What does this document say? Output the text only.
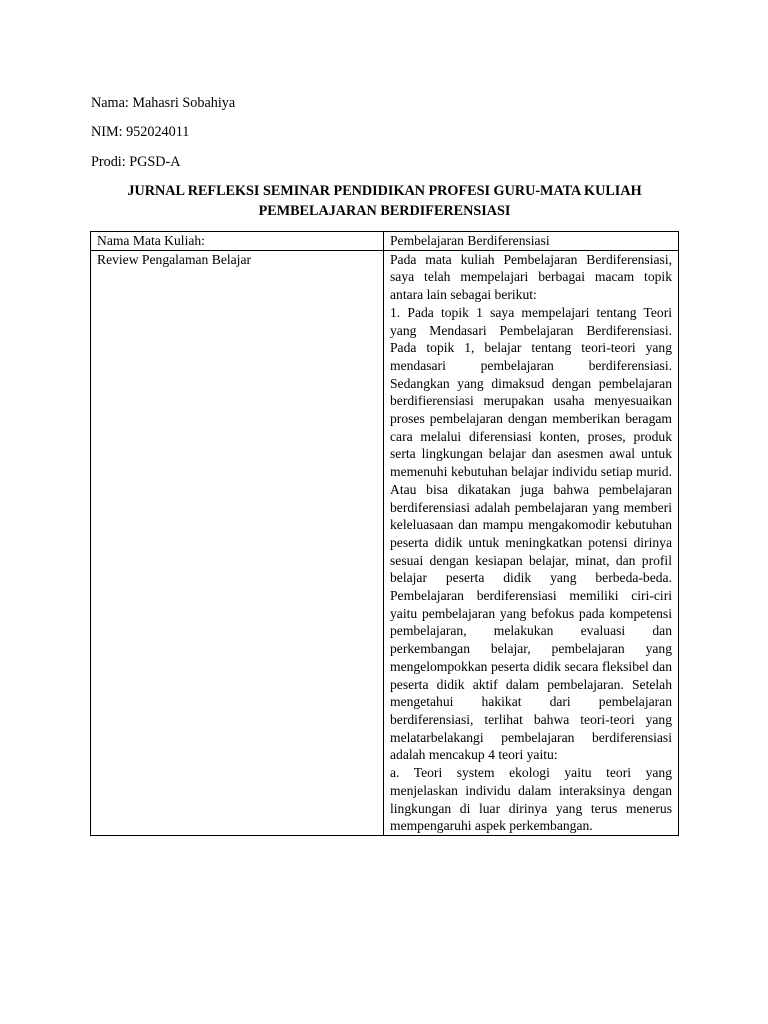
Nama: Mahasri Sobahiya
NIM: 952024011
Prodi: PGSD-A
JURNAL REFLEKSI SEMINAR PENDIDIKAN PROFESI GURU-MATA KULIAH
PEMBELAJARAN BERDIFERENSIASI
Nama Mata Kuliah:	Pembelajaran Berdiferensiasi
Review Pengalaman Belajar	Pada mata kuliah Pembelajaran Berdiferensiasi, saya telah mempelajari berbagai macam topik antara lain sebagai berikut:
1. Pada topik 1 saya mempelajari tentang Teori yang Mendasari Pembelajaran Berdiferensiasi. Pada topik 1, belajar tentang teori-teori yang mendasari pembelajaran berdiferensiasi. Sedangkan yang dimaksud dengan pembelajaran berdifierensiasi merupakan usaha menyesuaikan proses pembelajaran dengan memberikan beragam cara melalui diferensiasi konten, proses, produk serta lingkungan belajar dan asesmen awal untuk memenuhi kebutuhan belajar individu setiap murid. Atau bisa dikatakan juga bahwa pembelajaran berdiferensiasi adalah pembelajaran yang memberi keleluasaan dan mampu mengakomodir kebutuhan peserta didik untuk meningkatkan potensi dirinya sesuai dengan kesiapan belajar, minat, dan profil belajar peserta didik yang berbeda-beda. Pembelajaran berdiferensiasi memiliki ciri-ciri yaitu pembelajaran yang befokus pada kompetensi pembelajaran, melakukan evaluasi dan perkembangan belajar, pembelajaran yang mengelompokkan peserta didik secara fleksibel dan peserta didik aktif dalam pembelajaran. Setelah mengetahui hakikat dari pembelajaran berdiferensiasi, terlihat bahwa teori-teori yang melatarbelakangi pembelajaran berdiferensiasi adalah mencakup 4 teori yaitu:
a. Teori system ekologi yaitu teori yang menjelaskan individu dalam interaksinya dengan lingkungan di luar dirinya yang terus menerus mempengaruhi aspek perkembangan.
